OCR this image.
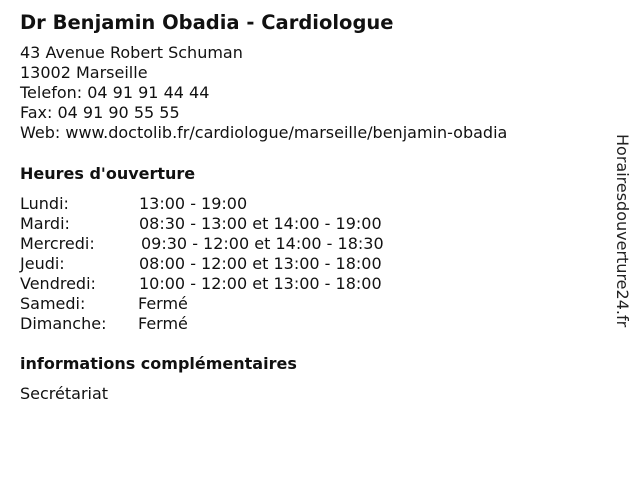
Dr Benjamin Obadia - Cardiologue
43 Avenue Robert Schuman
13002 Marseille
Telefon: 04 91 91 44 44
Fax: 04 91 90 55 55
Web: www.doctolib.fr/cardiologue/marseille/benjamin-obadia
Heures d'ouverture
Lundi:	13:00 - 19:00
Mardi:	08:30 - 13:00 et 14:00 - 19:00
Mercredi:	09:30 - 12:00 et 14:00 - 18:30
Jeudi:	08:00 - 12:00 et 13:00 - 18:00
Vendredi:	10:00 - 12:00 et 13:00 - 18:00
Samedi:	Fermé
Dimanche: Fermé
informations complémentaires
Secrétariat
Horairesdouverture24.fr
